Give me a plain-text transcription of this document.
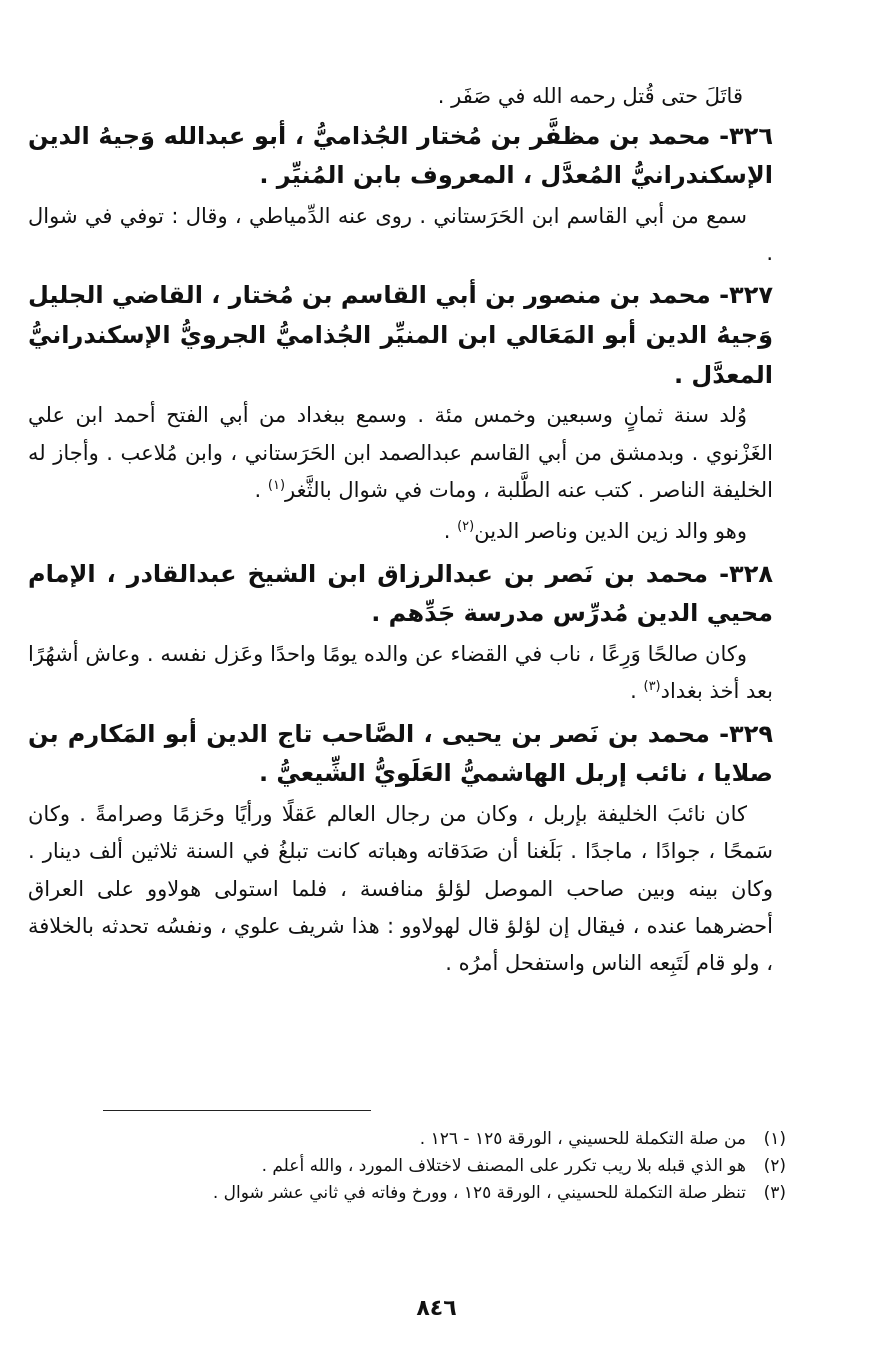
قاتَلَ حتى قُتل رحمه الله في صَفَر .

٣٢٦- محمد بن مظفَّر بن مُختار الجُذاميُّ ، أبو عبدالله وَجيهُ الدين الإسكندرانيُّ المُعدَّل ، المعروف بابن المُنيِّر .

سمع من أبي القاسم ابن الحَرَستاني . روى عنه الدِّمياطي ، وقال : توفي في شوال .

٣٢٧- محمد بن منصور بن أبي القاسم بن مُختار ، القاضي الجليل وَجيهُ الدين أبو المَعَالي ابن المنيِّر الجُذاميُّ الجرويُّ الإسكندرانيُّ المعدَّل .

وُلد سنة ثمانٍ وسبعين وخمس مئة . وسمع ببغداد من أبي الفتح أحمد ابن علي الغَزْنوي . وبدمشق من أبي القاسم عبدالصمد ابن الحَرَستاني ، وابن مُلاعب . وأجاز له الخليفة الناصر . كتب عنه الطَّلبة ، ومات في شوال بالثَّغر$^{(١)}$ .

وهو والد زين الدين وناصر الدين$^{(٢)}$ .

٣٢٨- محمد بن نَصر بن عبدالرزاق ابن الشيخ عبدالقادر ، الإمام محيي الدين مُدرِّس مدرسة جَدِّهم .

وكان صالحًا وَرِعًا ، ناب في القضاء عن والده يومًا واحدًا وعَزل نفسه . وعاش أشهُرًا بعد أخذ بغداد$^{(٣)}$ .

٣٢٩- محمد بن نَصر بن يحيى ، الصَّاحب تاج الدين أبو المَكارم بن صلايا ، نائب إربل الهاشميُّ العَلَويُّ الشِّيعيُّ .

كان نائبَ الخليفة بإربل ، وكان من رجال العالم عَقلًا ورأيًا وحَزمًا وصرامةً . وكان سَمحًا ، جوادًا ، ماجدًا . بَلَغنا أن صَدَقاته وهباته كانت تبلغُ في السنة ثلاثين ألف دينار . وكان بينه وبين صاحب الموصل لؤلؤ منافسة ، فلما استولى هولاوو على العراق أحضرهما عنده ، فيقال إن لؤلؤ قال لهولاوو : هذا شريف علوي ، ونفسُه تحدثه بالخلافة ، ولو قام لَتَبِعه الناس واستفحل أمرُه .

(١)من صلة التكملة للحسيني ، الورقة ١٢٥ - ١٢٦ .

(٢)هو الذي قبله بلا ريب تكرر على المصنف لاختلاف المورد ، والله أعلم .

(٣)تنظر صلة التكملة للحسيني ، الورقة ١٢٥ ، وورخ وفاته في ثاني عشر شوال .

٨٤٦
